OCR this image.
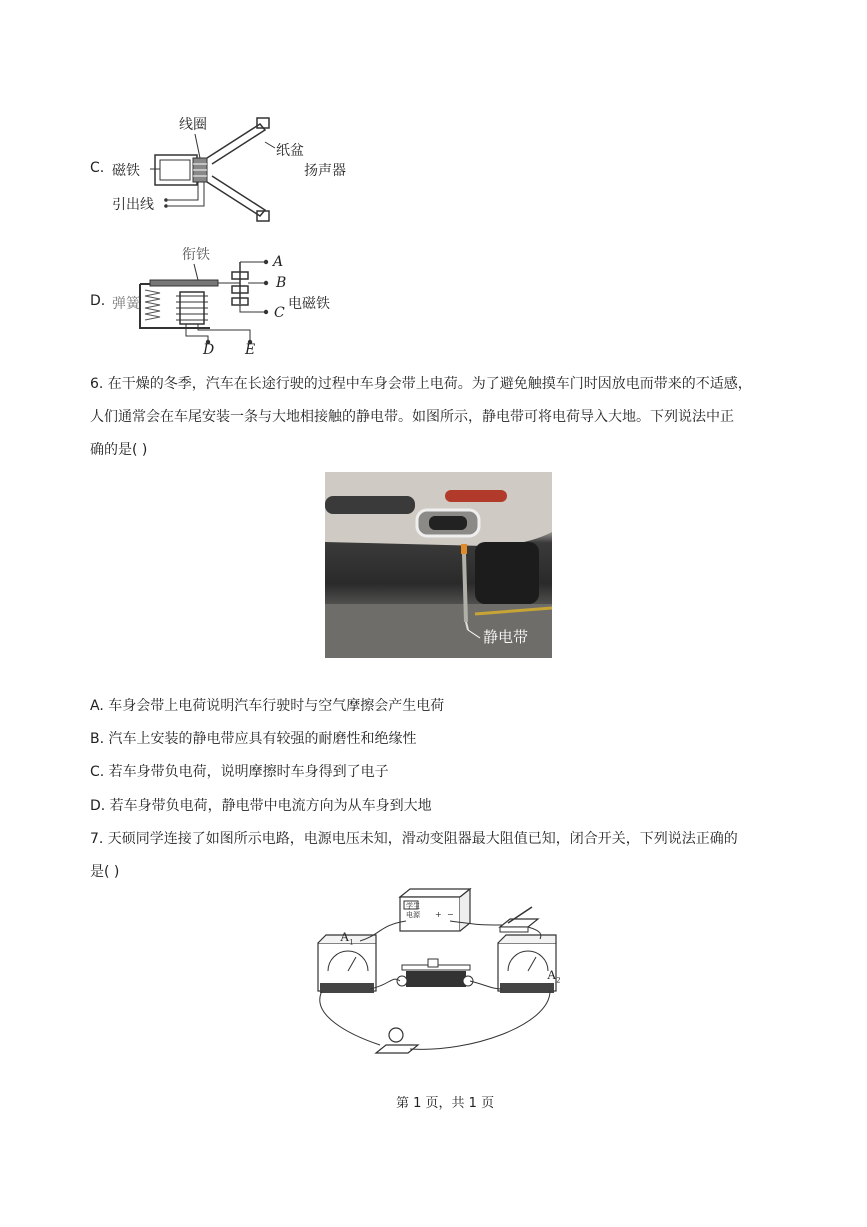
C.
线圈
纸盆
磁铁	扬声器
引出线
D.
衔铁
弹簧	电磁铁
A
B
C
D E
6. 在干燥的冬季，汽车在长途行驶的过程中车身会带上电荷。为了避免触摸车门时因放电而带来的不适感，
人们通常会在车尾安装一条与大地相接触的静电带。如图所示，静电带可将电荷导入大地。下列说法中正
确的是( )
静电带
A. 车身会带上电荷说明汽车行驶时与空气摩擦会产生电荷
B. 汽车上安装的静电带应具有较强的耐磨性和绝缘性
C. 若车身带负电荷，说明摩擦时车身得到了电子
D. 若车身带负电荷，静电带中电流方向为从车身到大地
7. 天硕同学连接了如图所示电路，电源电压未知，滑动变阻器最大阻值已知，闭合开关，下列说法正确的
是( )
+ −
学生
电源
$A_1$
$A_2$
第 1 页，共 1 页
